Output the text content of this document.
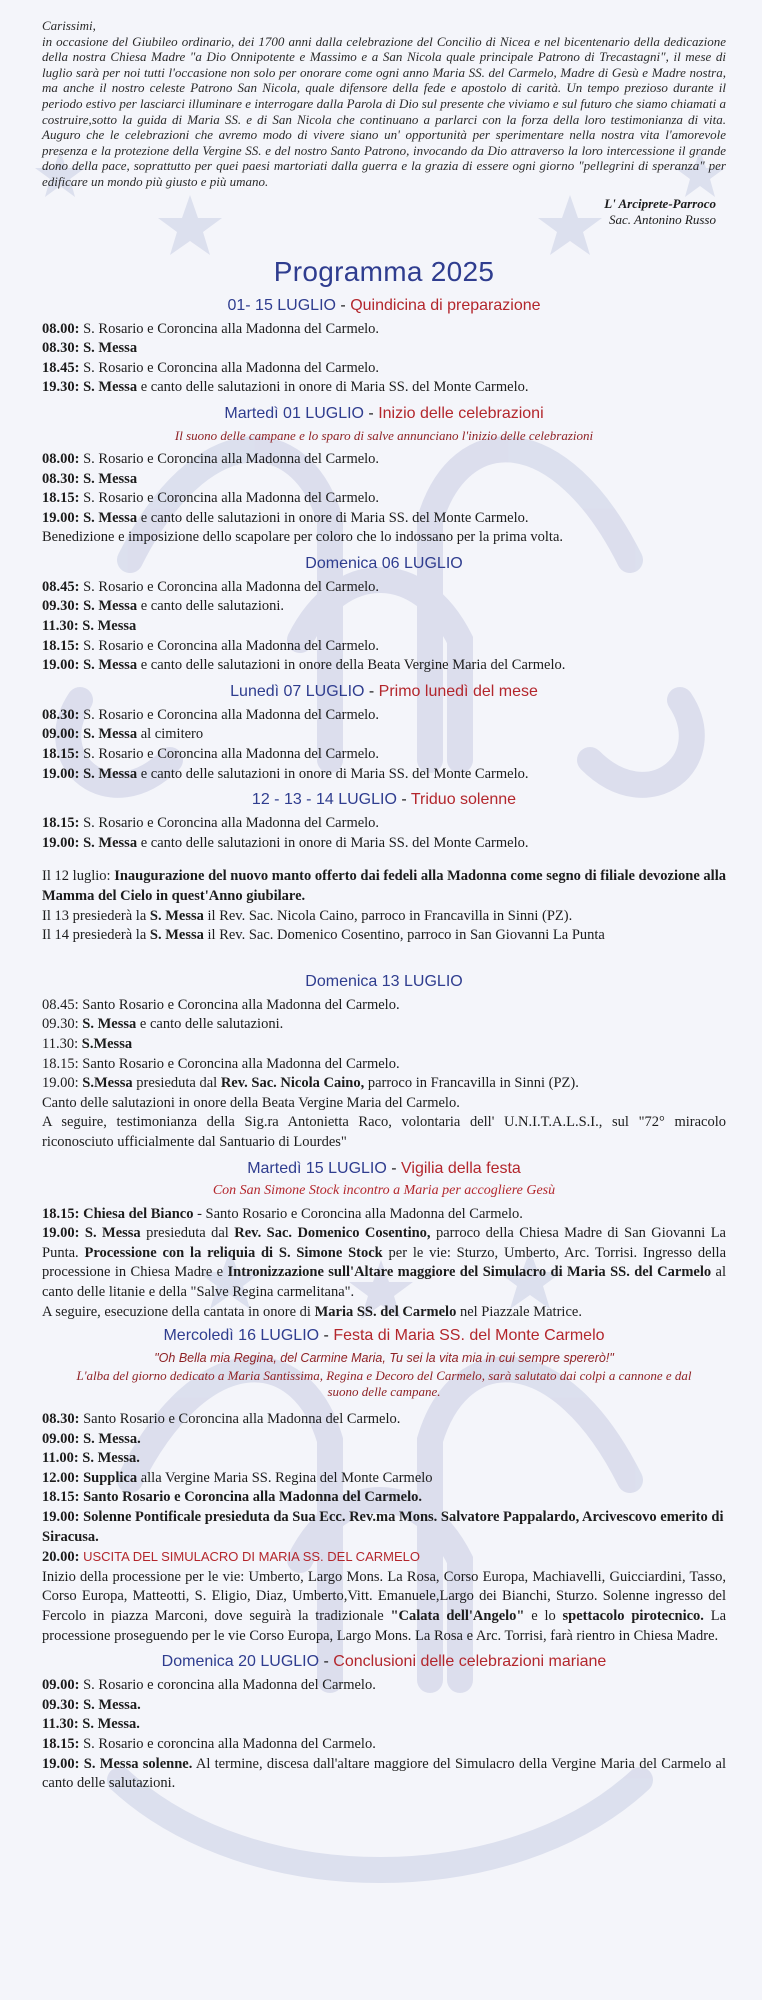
Carissimi,
in occasione del Giubileo ordinario, dei 1700 anni dalla celebrazione del Concilio di Nicea e nel bicentenario della dedicazione della nostra Chiesa Madre "a Dio Onnipotente e Massimo e a San Nicola quale principale Patrono di Trecastagni", il mese di luglio sarà per noi tutti l'occasione non solo per onorare come ogni anno Maria SS. del Carmelo, Madre di Gesù e Madre nostra, ma anche il nostro celeste Patrono San Nicola, quale difensore della fede e apostolo di carità. Un tempo prezioso durante il periodo estivo per lasciarci illuminare e interrogare dalla Parola di Dio sul presente che viviamo e sul futuro che siamo chiamati a costruire,sotto la guida di Maria SS. e di San Nicola che continuano a parlarci con la forza della loro testimonianza di vita. Auguro che le celebrazioni che avremo modo di vivere siano un' opportunità per sperimentare nella nostra vita l'amorevole presenza e la protezione della Vergine SS. e del nostro Santo Patrono, invocando da Dio attraverso la loro intercessione il grande dono della pace, soprattutto per quei paesi martoriati dalla guerra e la grazia di essere ogni giorno "pellegrini di speranza" per edificare un mondo più giusto e più umano.

L' Arciprete-Parroco
Sac. Antonino Russo
Programma 2025
01- 15 LUGLIO - Quindicina di preparazione

08.00: S. Rosario e Coroncina alla Madonna del Carmelo.

08.30: S. Messa

18.45: S. Rosario e Coroncina alla Madonna del Carmelo.

19.30: S. Messa e canto delle salutazioni in onore di Maria SS. del Monte Carmelo.

Martedì 01 LUGLIO - Inizio delle celebrazioni
Il suono delle campane e lo sparo di salve annunciano l'inizio delle celebrazioni

08.00: S. Rosario e Coroncina alla Madonna del Carmelo.

08.30: S. Messa

18.15: S. Rosario e Coroncina alla Madonna del Carmelo.

19.00: S. Messa e canto delle salutazioni in onore di Maria SS. del Monte Carmelo.

Benedizione e imposizione dello scapolare per coloro che lo indossano per la prima volta.

Domenica 06 LUGLIO

08.45: S. Rosario e Coroncina alla Madonna del Carmelo.

09.30: S. Messa e canto delle salutazioni.

11.30: S. Messa

18.15: S. Rosario e Coroncina alla Madonna del Carmelo.

19.00: S. Messa e canto delle salutazioni in onore della Beata Vergine Maria del Carmelo.

Lunedì 07 LUGLIO - Primo lunedì del mese

08.30: S. Rosario e Coroncina alla Madonna del Carmelo.

09.00: S. Messa al cimitero

18.15: S. Rosario e Coroncina alla Madonna del Carmelo.

19.00: S. Messa e canto delle salutazioni in onore di Maria SS. del Monte Carmelo.

12 - 13 - 14 LUGLIO - Triduo solenne

18.15: S. Rosario e Coroncina alla Madonna del Carmelo.

19.00: S. Messa e canto delle salutazioni in onore di Maria SS. del Monte Carmelo.

Il 12 luglio: Inaugurazione del nuovo manto offerto dai fedeli alla Madonna come segno di filiale devozione alla Mamma del Cielo in quest'Anno giubilare.

Il 13 presiederà la S. Messa il Rev. Sac. Nicola Caino, parroco in Francavilla in Sinni (PZ).

Il 14 presiederà la S. Messa il Rev. Sac. Domenico Cosentino, parroco in San Giovanni La Punta

Domenica 13 LUGLIO

08.45: Santo Rosario e Coroncina alla Madonna del Carmelo.

09.30: S. Messa e canto delle salutazioni.

11.30: S.Messa

18.15: Santo Rosario e Coroncina alla Madonna del Carmelo.

19.00: S.Messa presieduta dal Rev. Sac. Nicola Caino, parroco in Francavilla in Sinni (PZ).

Canto delle salutazioni in onore della Beata Vergine Maria del Carmelo.

A seguire, testimonianza della Sig.ra Antonietta Raco, volontaria dell' U.N.I.T.A.L.S.I., sul "72° miracolo riconosciuto ufficialmente dal Santuario di Lourdes"

Martedì 15 LUGLIO - Vigilia della festa
Con San Simone Stock incontro a Maria per accogliere Gesù

18.15: Chiesa del Bianco - Santo Rosario e Coroncina alla Madonna del Carmelo.

19.00: S. Messa presieduta dal Rev. Sac. Domenico Cosentino, parroco della Chiesa Madre di San Giovanni La Punta. Processione con la reliquia di S. Simone Stock per le vie: Sturzo, Umberto, Arc. Torrisi. Ingresso della processione in Chiesa Madre e Intronizzazione sull'Altare maggiore del Simulacro di Maria SS. del Carmelo al canto delle litanie e della "Salve Regina carmelitana".

A seguire, esecuzione della cantata in onore di Maria SS. del Carmelo nel Piazzale Matrice.

Mercoledì 16 LUGLIO - Festa di Maria SS. del Monte Carmelo
"Oh Bella mia Regina, del Carmine Maria, Tu sei la vita mia in cui sempre spererò!"
L'alba del giorno dedicato a Maria Santissima, Regina e Decoro del Carmelo, sarà salutato dai colpi a cannone e dal suono delle campane.

08.30: Santo Rosario e Coroncina alla Madonna del Carmelo.

09.00: S. Messa.

11.00: S. Messa.

12.00: Supplica alla Vergine Maria SS. Regina del Monte Carmelo

18.15: Santo Rosario e Coroncina alla Madonna del Carmelo.

19.00: Solenne Pontificale presieduta da Sua Ecc. Rev.ma Mons. Salvatore Pappalardo, Arcivescovo emerito di Siracusa.

20.00: USCITA DEL SIMULACRO DI MARIA SS. DEL CARMELO

Inizio della processione per le vie: Umberto, Largo Mons. La Rosa, Corso Europa, Machiavelli, Guicciardini, Tasso, Corso Europa, Matteotti, S. Eligio, Diaz, Umberto,Vitt. Emanuele,Largo dei Bianchi, Sturzo. Solenne ingresso del Fercolo in piazza Marconi, dove seguirà la tradizionale "Calata dell'Angelo" e lo spettacolo pirotecnico. La processione proseguendo per le vie Corso Europa, Largo Mons. La Rosa e Arc. Torrisi, farà rientro in Chiesa Madre.

Domenica 20 LUGLIO - Conclusioni delle celebrazioni mariane

09.00: S. Rosario e coroncina alla Madonna del Carmelo.

09.30: S. Messa.

11.30: S. Messa.

18.15: S. Rosario e coroncina alla Madonna del Carmelo.

19.00: S. Messa solenne. Al termine, discesa dall'altare maggiore del Simulacro della Vergine Maria del Carmelo al canto delle salutazioni.
